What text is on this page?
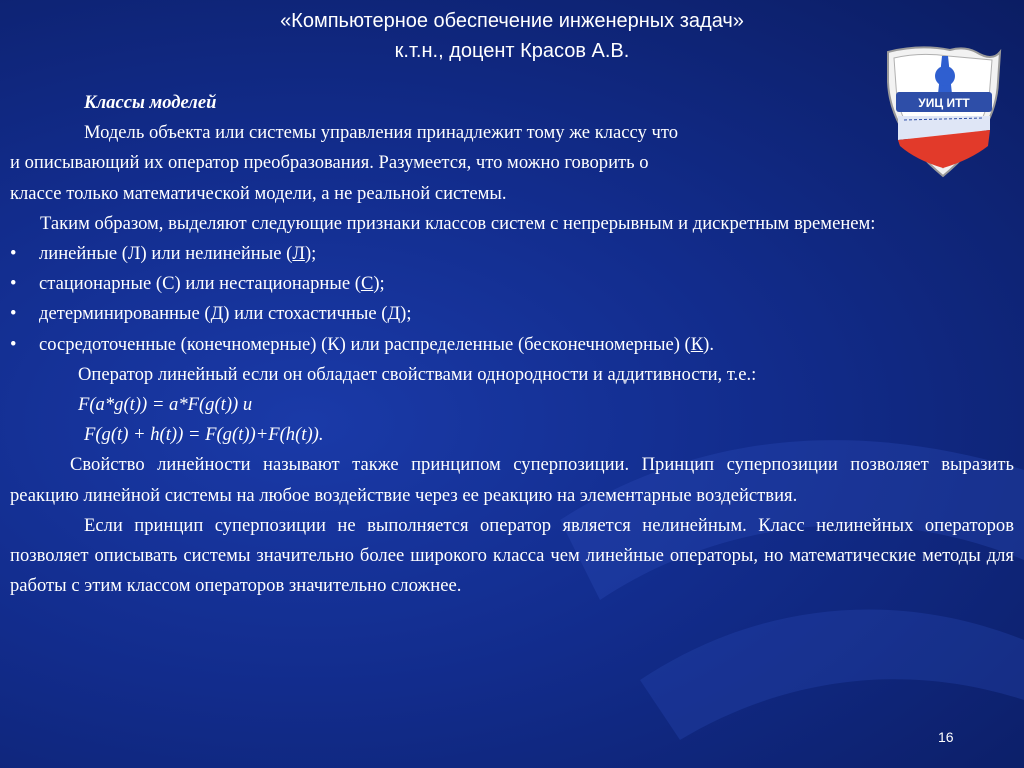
«Компьютерное обеспечение инженерных задач»
к.т.н., доцент Красов А.В.
УИЦ ИТТ

Классы моделей

Модель объекта или системы управления принадлежит тому же классу что

и описывающий их оператор преобразования. Разумеется, что можно говорить о

классе только математической модели, а не реальной системы.

Таким образом, выделяют следующие признаки классов систем с непрерывным и дискретным временем:

•	линейные (Л) или нелинейные (Л);
•	стационарные (С) или нестационарные (С);
•	детерминированные (Д) или стохастичные (Д);
•	сосредоточенные (конечномерные) (К) или распределенные (бесконечномерные) (К).

Оператор линейный если он обладает свойствами однородности и аддитивности, т.е.:

F(a*g(t)) = a*F(g(t)) и

F(g(t) + h(t)) = F(g(t))+F(h(t)).

Свойство линейности называют также принципом суперпозиции. Принцип суперпозиции позволяет выразить реакцию линейной системы на любое воздействие через ее реакцию на элементарные воздействия.

Если принцип суперпозиции не выполняется оператор является нелинейным. Класс нелинейных операторов позволяет описывать системы значительно более широкого класса чем линейные операторы, но математические методы для работы с этим классом операторов значительно сложнее.

16
